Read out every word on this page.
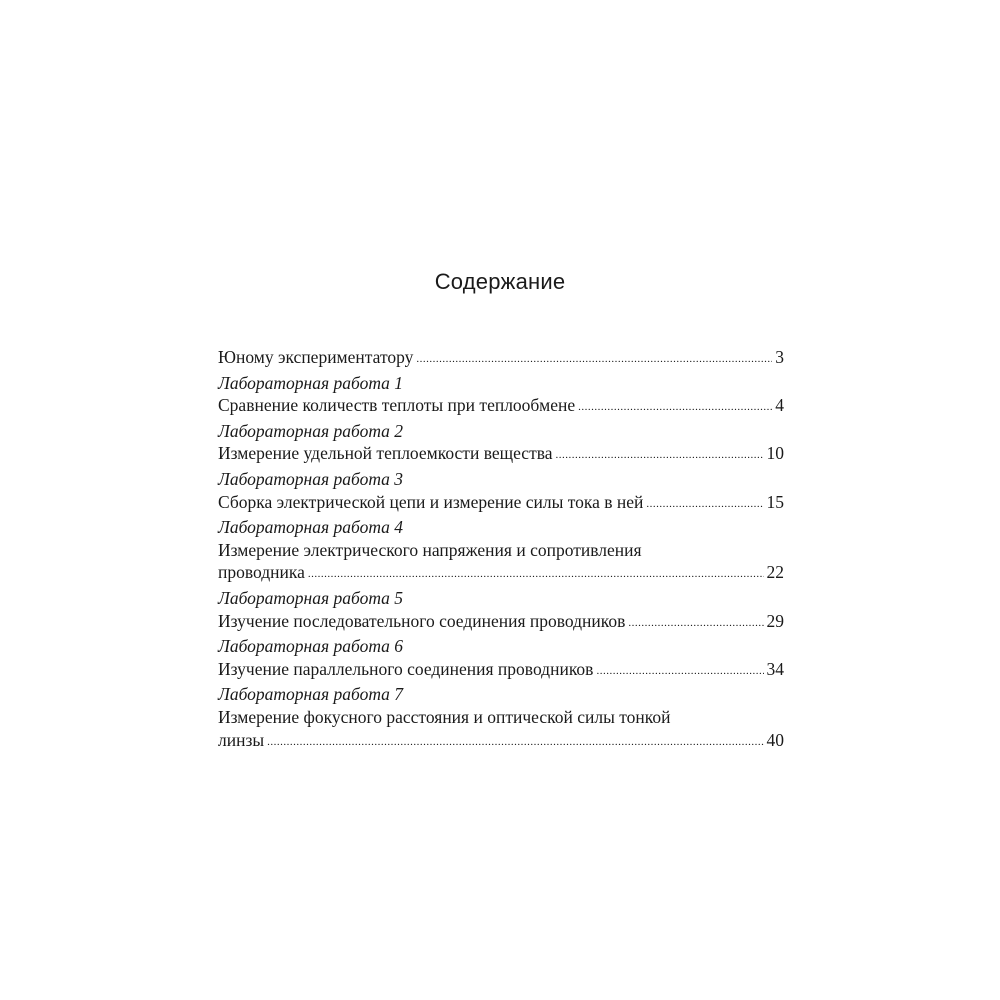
Содержание
Юному экспериментатору .....	3
Лабораторная работа 1
Сравнение количеств теплоты при теплообмене .....	4
Лабораторная работа 2
Измерение удельной теплоемкости вещества .....	10
Лабораторная работа 3
Сборка электрической цепи и измерение силы тока в ней .....	15
Лабораторная работа 4
Измерение электрического напряжения и сопротивления
проводника .....	22
Лабораторная работа 5
Изучение последовательного соединения проводников .....	29
Лабораторная работа 6
Изучение параллельного соединения проводников .....	34
Лабораторная работа 7
Измерение фокусного расстояния и оптической силы тонкой
линзы .....	40
